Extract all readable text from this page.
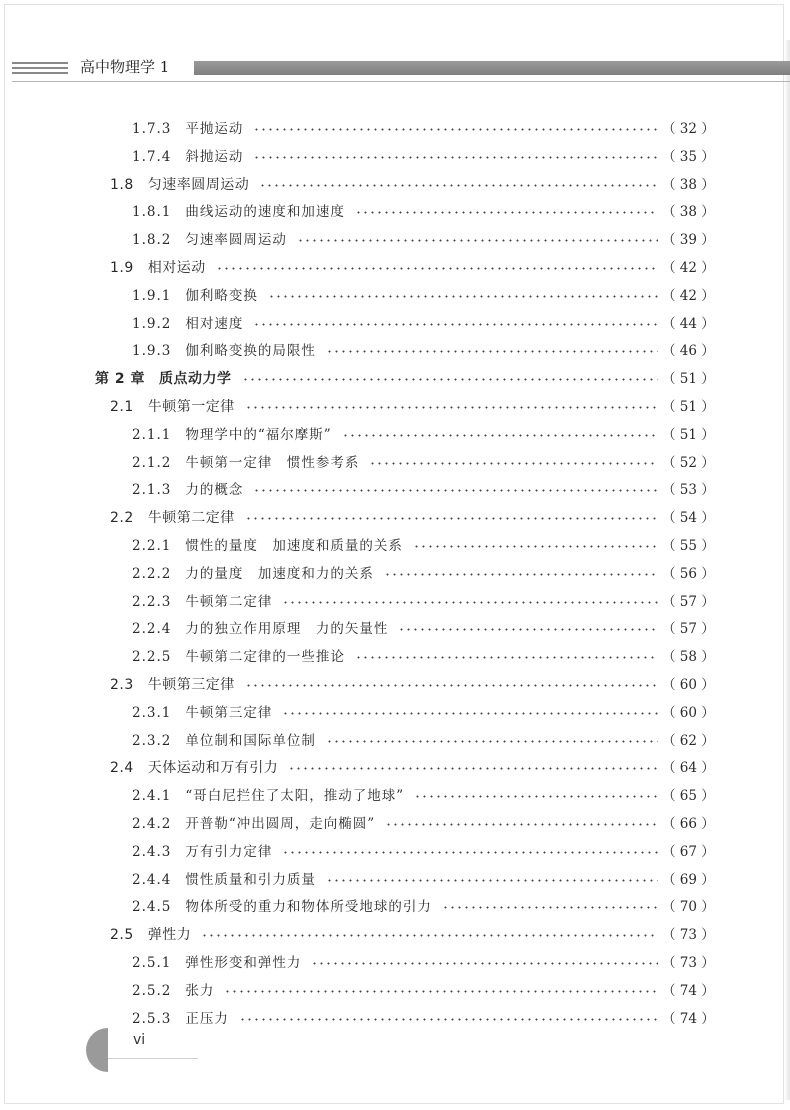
高中物理学 1
1.7.3 平抛运动	（ 32 ）
1.7.4 斜抛运动	（ 35 ）
1.8 匀速率圆周运动	（ 38 ）
1.8.1 曲线运动的速度和加速度	（ 38 ）
1.8.2 匀速率圆周运动	（ 39 ）
1.9 相对运动	（ 42 ）
1.9.1 伽利略变换	（ 42 ）
1.9.2 相对速度	（ 44 ）
1.9.3 伽利略变换的局限性	（ 46 ）
第 2 章 质点动力学	（ 51 ）
2.1 牛顿第一定律	（ 51 ）
2.1.1 物理学中的“福尔摩斯”	（ 51 ）
2.1.2 牛顿第一定律　惯性参考系	（ 52 ）
2.1.3 力的概念	（ 53 ）
2.2 牛顿第二定律	（ 54 ）
2.2.1 惯性的量度　加速度和质量的关系	（ 55 ）
2.2.2 力的量度　加速度和力的关系	（ 56 ）
2.2.3 牛顿第二定律	（ 57 ）
2.2.4 力的独立作用原理　力的矢量性	（ 57 ）
2.2.5 牛顿第二定律的一些推论	（ 58 ）
2.3 牛顿第三定律	（ 60 ）
2.3.1 牛顿第三定律	（ 60 ）
2.3.2 单位制和国际单位制	（ 62 ）
2.4 天体运动和万有引力	（ 64 ）
2.4.1 “哥白尼拦住了太阳，推动了地球”	（ 65 ）
2.4.2 开普勒“冲出圆周，走向椭圆”	（ 66 ）
2.4.3 万有引力定律	（ 67 ）
2.4.4 惯性质量和引力质量	（ 69 ）
2.4.5 物体所受的重力和物体所受地球的引力	（ 70 ）
2.5 弹性力	（ 73 ）
2.5.1 弹性形变和弹性力	（ 73 ）
2.5.2 张力	（ 74 ）
2.5.3 正压力	（ 74 ）
vi
